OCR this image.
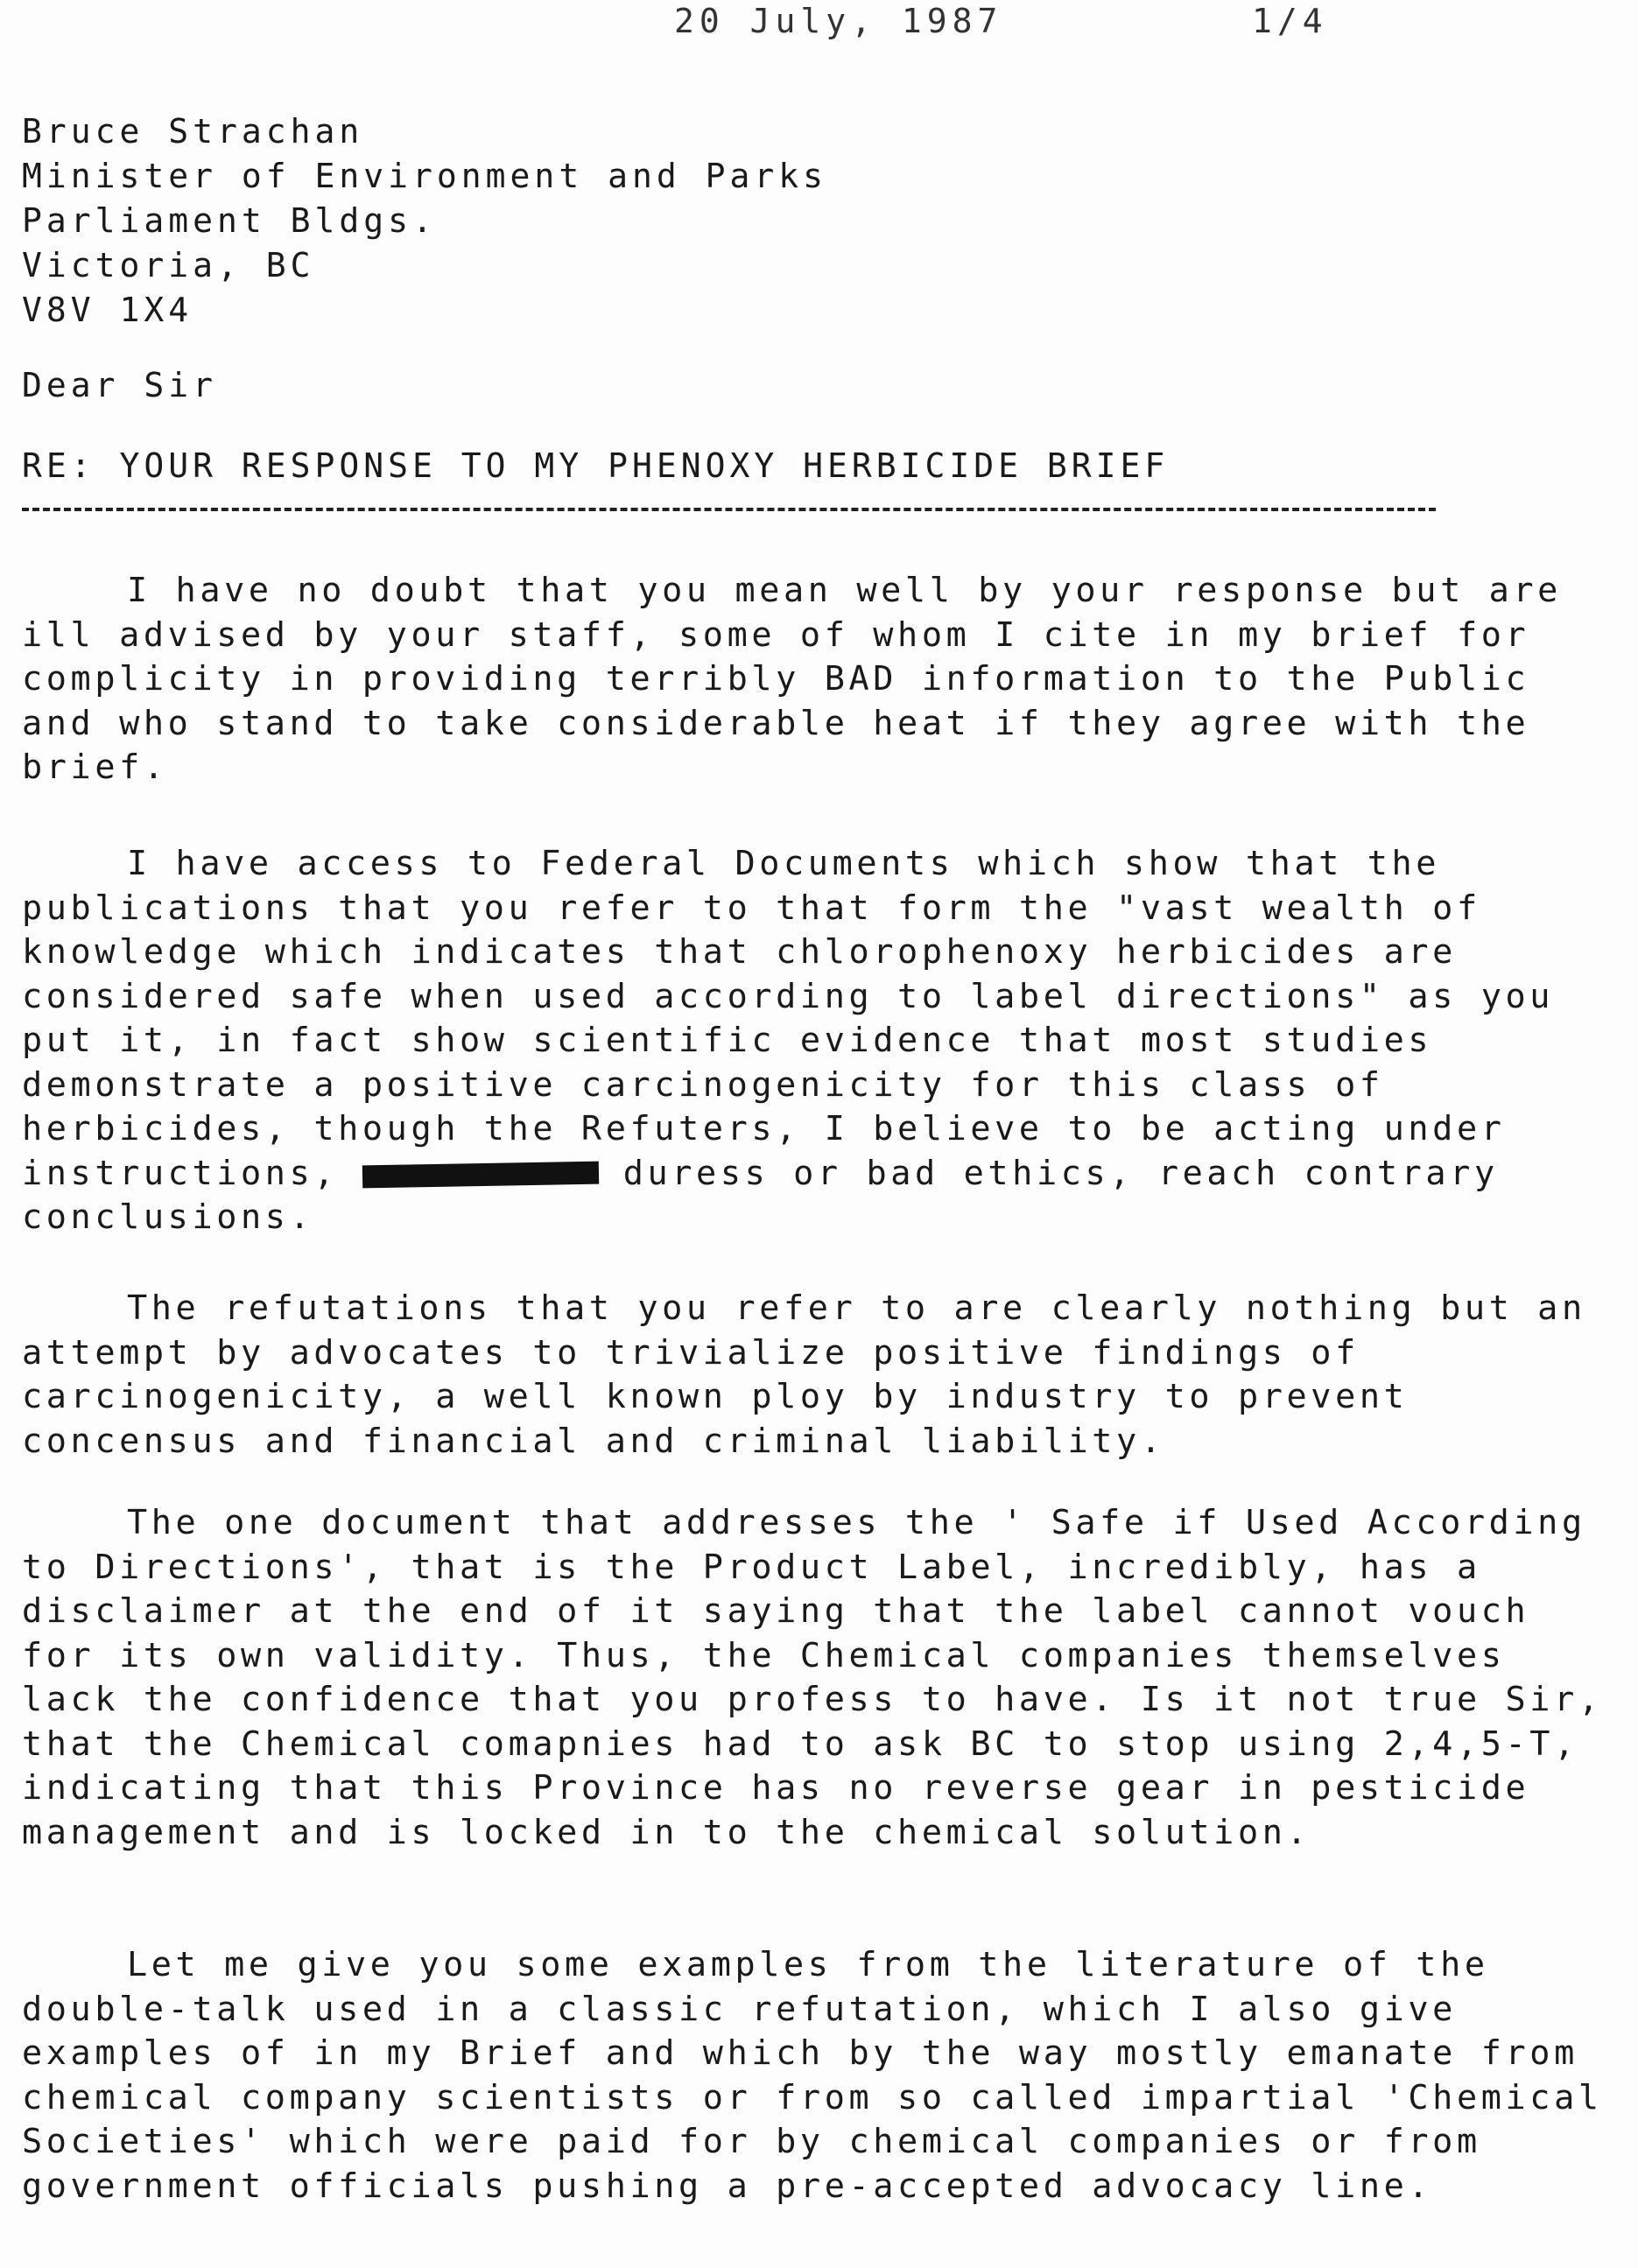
20 July, 1987	1/4
Bruce Strachan
Minister of Environment and Parks
Parliament Bldgs.
Victoria, BC
V8V 1X4
Dear Sir
RE: YOUR RESPONSE TO MY PHENOXY HERBICIDE BRIEF
I have no doubt that you mean well by your response but are ill advised by your staff, some of whom I cite in my brief for complicity in providing terribly BAD information to the Public and who stand to take considerable heat if they agree with the brief.
I have access to Federal Documents which show that the publications that you refer to that form the "vast wealth of knowledge which indicates that chlorophenoxy herbicides are considered safe when used according to label directions" as you put it, in fact show scientific evidence that most studies demonstrate a positive carcinogenicity for this class of herbicides, though the Refuters, I believe to be acting under instructions,	duress or bad ethics, reach contrary conclusions.
The refutations that you refer to are clearly nothing but an attempt by advocates to trivialize positive findings of carcinogenicity, a well known ploy by industry to prevent concensus and financial and criminal liability.
The one document that addresses the ' Safe if Used According to Directions', that is the Product Label, incredibly, has a disclaimer at the end of it saying that the label cannot vouch for its own validity. Thus, the Chemical companies themselves lack the confidence that you profess to have. Is it not true Sir, that the Chemical comapnies had to ask BC to stop using 2,4,5-T, indicating that this Province has no reverse gear in pesticide management and is locked in to the chemical solution.
Let me give you some examples from the literature of the double-talk used in a classic refutation, which I also give examples of in my Brief and which by the way mostly emanate from chemical company scientists or from so called impartial 'Chemical Societies' which were paid for by chemical companies or from government officials pushing a pre-accepted advocacy line.
